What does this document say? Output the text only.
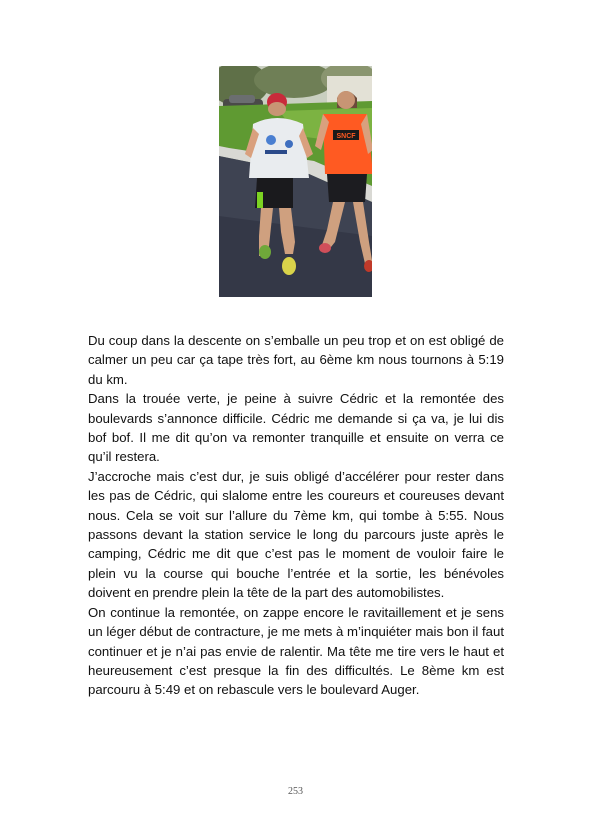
SNCF

Du coup dans la descente on s’emballe un peu trop et on est obligé de calmer un peu car ça tape très fort, au 6ème km nous tournons à 5:19 du km.

Dans la trouée verte, je peine à suivre Cédric et la remontée des boulevards s’annonce difficile. Cédric me demande si ça va, je lui dis bof bof. Il me dit qu’on va remonter tranquille et ensuite on verra ce qu’il restera.

J’accroche mais c’est dur, je suis obligé d’accélérer pour rester dans les pas de Cédric, qui slalome entre les coureurs et coureuses devant nous. Cela se voit sur l’allure du 7ème km, qui tombe à 5:55. Nous passons devant la station service le long du parcours juste après le camping, Cédric me dit que c’est pas le moment de vouloir faire le plein vu la course qui bouche l’entrée et la sortie, les bénévoles doivent en prendre plein la tête de la part des automobilistes.

On continue la remontée, on zappe encore le ravitaillement et je sens un léger début de contracture, je me mets à m’inquiéter mais bon il faut continuer et je n’ai pas envie de ralentir. Ma tête me tire vers le haut et heureusement c’est presque la fin des difficultés. Le 8ème km est parcouru à 5:49 et on rebascule vers le boulevard Auger.

253
